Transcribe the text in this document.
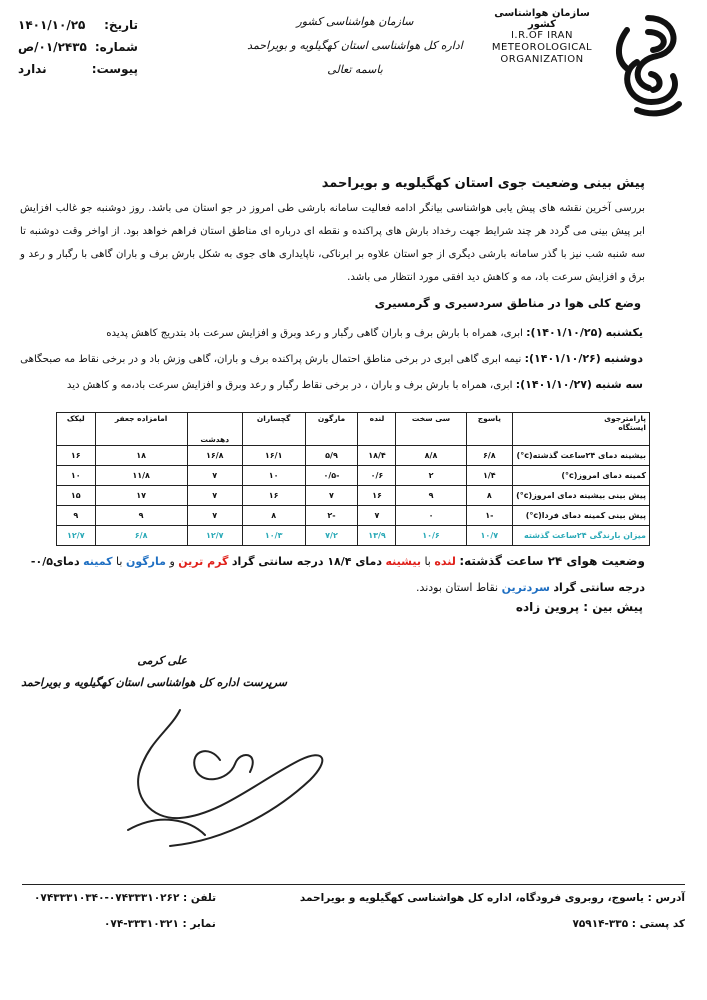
سازمان هواشناسی کشور
I.R.OF IRAN
METEOROLOGICAL
ORGANIZATION
سازمان هواشناسی کشور
اداره کل هواشناسی استان کهگیلویه و بویراحمد
باسمه تعالی
تاریخ:
۱۴۰۱/۱۰/۲۵
شماره:
۰۱/۲۴۳۵/ص
پیوست:
ندارد
پیش بینی وضعیت جوی استان کهگیلویه و بویراحمد
بررسی آخرین نقشه های پیش یابی هواشناسی بیانگر ادامه فعالیت سامانه بارشی طی امروز در جو استان می باشد. روز دوشنبه جو غالب افزایش ابر پیش بینی می گردد هر چند شرایط جهت رخداد بارش های پراکنده و نقطه ای درباره ای مناطق استان فراهم خواهد بود. از اواخر وقت دوشنبه تا سه شنبه شب نیز با گذر سامانه بارشی دیگری از جو استان علاوه بر ابرناکی، ناپایداری های جوی به شکل بارش برف و باران گاهی با رگبار و رعد و برق و افزایش سرعت باد، مه و کاهش دید افقی مورد انتظار می باشد.
وضع کلی هوا در مناطق سردسیری و گرمسیری
یکشنبه (۱۴۰۱/۱۰/۲۵): ابری، همراه با بارش برف و باران گاهی رگبار و رعد وبرق و افزایش سرعت باد بتدریج کاهش پدیده
دوشنبه (۱۴۰۱/۱۰/۲۶): نیمه ابری گاهی ابری در برخی مناطق احتمال بارش پراکنده برف و باران، گاهی وزش باد و در برخی نقاط مه صبحگاهی
سه شنبه (۱۴۰۱/۱۰/۲۷): ابری، همراه با بارش برف و باران ، در برخی نقاط رگبار و رعد وبرق و افزایش سرعت باد،مه و کاهش دید
پارامترجوی
ایستگاه	یاسوج	سی سخت	لنده	مارگون	گچساران	دهدشت	امامزاده جعفر	لیکک
بیشینه دمای ۲۴ساعت گذشته(c°)	۶/۸	۸/۸	۱۸/۴	۵/۹	۱۶/۱	۱۶/۸	۱۸	۱۶
کمینه دمای امروز(c°)	۱/۴	۲	۰/۶	-۰/۵	۱۰	۷	۱۱/۸	۱۰
پیش بینی بیشینه دمای امروز(c°)	۸	۹	۱۶	۷	۱۶	۷	۱۷	۱۵
پیش بینی کمینه دمای فردا(c°)	-۱	۰	۷	-۲	۸	۷	۹	۹
میزان بارندگی ۲۴ساعت گذشته	۱۰/۷	۱۰/۶	۱۳/۹	۷/۲	۱۰/۳	۱۲/۷	۶/۸	۱۲/۷
وضعیت هوای ۲۴ ساعت گذشته: لنده با بیشینه دمای ۱۸/۴ درجه سانتی گراد گرم ترین و مارگون با کمینه دمای۰/۵- درجه سانتی گراد سردترین نقاط استان بودند.
پیش بین : پروین زاده
علی کرمی
سرپرست اداره کل هواشناسی استان کهگیلویه و بویراحمد
آدرس : یاسوج، روبروی فرودگاه، اداره کل هواشناسی کهگیلویه و بویراحمد
تلفن : ۰۷۴۳۳۳۱۰۳۴۰-۰۷۴۳۳۳۱۰۲۶۲
کد پستی : ۷۵۹۱۴-۳۳۵
نمابر : ۰۷۴-۳۳۳۱۰۳۲۱
